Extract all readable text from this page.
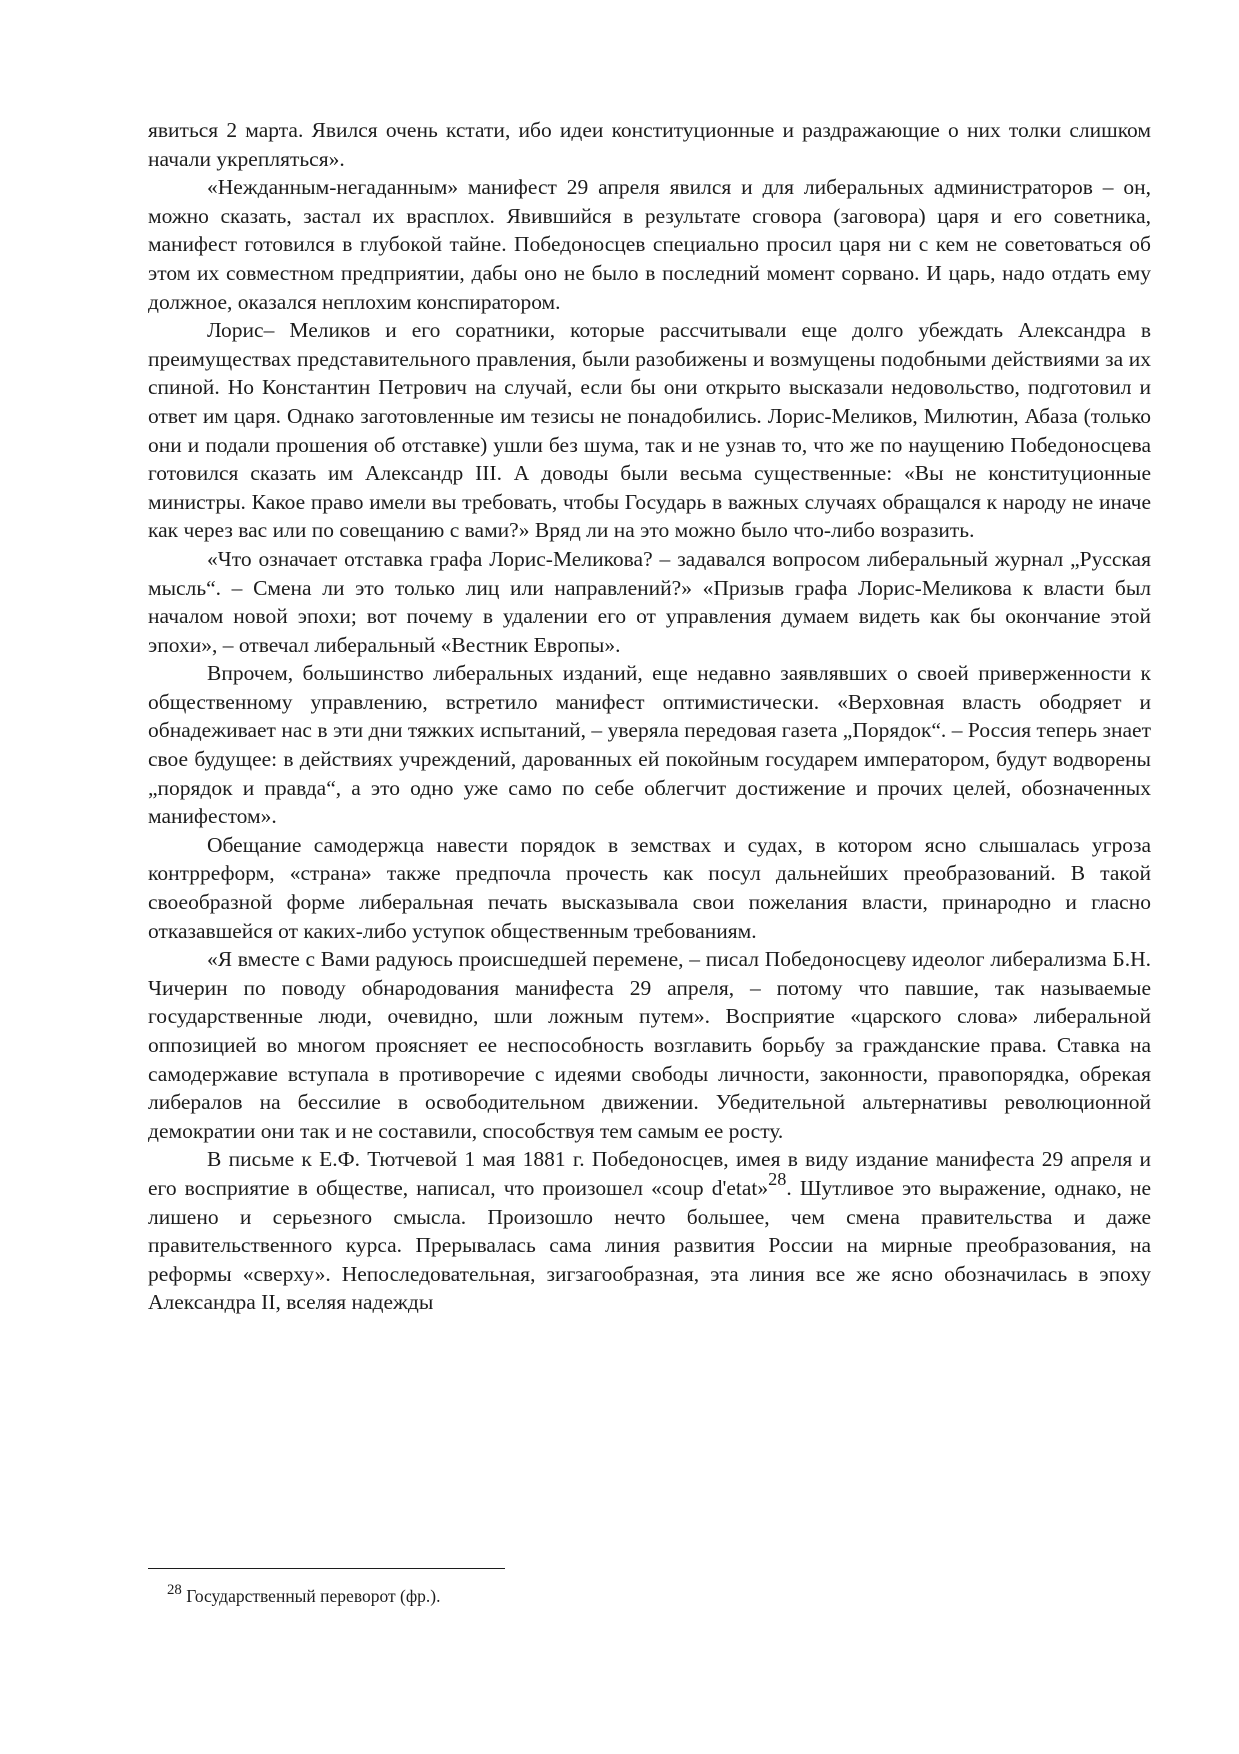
явиться 2 марта. Явился очень кстати, ибо идеи конституционные и раздражающие о них толки слишком начали укрепляться».

«Нежданным-негаданным» манифест 29 апреля явился и для либеральных администраторов – он, можно сказать, застал их врасплох. Явившийся в результате сговора (заговора) царя и его советника, манифест готовился в глубокой тайне. Победоносцев специально просил царя ни с кем не советоваться об этом их совместном предприятии, дабы оно не было в последний момент сорвано. И царь, надо отдать ему должное, оказался неплохим конспиратором.

Лорис– Меликов и его соратники, которые рассчитывали еще долго убеждать Александра в преимуществах представительного правления, были разобижены и возмущены подобными действиями за их спиной. Но Константин Петрович на случай, если бы они открыто высказали недовольство, подготовил и ответ им царя. Однако заготовленные им тезисы не понадобились. Лорис-Меликов, Милютин, Абаза (только они и подали прошения об отставке) ушли без шума, так и не узнав то, что же по наущению Победоносцева готовился сказать им Александр III. А доводы были весьма существенные: «Вы не конституционные министры. Какое право имели вы требовать, чтобы Государь в важных случаях обращался к народу не иначе как через вас или по совещанию с вами?» Вряд ли на это можно было что-либо возразить.

«Что означает отставка графа Лорис-Меликова? – задавался вопросом либеральный журнал „Русская мысль“. – Смена ли это только лиц или направлений?» «Призыв графа Лорис-Меликова к власти был началом новой эпохи; вот почему в удалении его от управления думаем видеть как бы окончание этой эпохи», – отвечал либеральный «Вестник Европы».

Впрочем, большинство либеральных изданий, еще недавно заявлявших о своей приверженности к общественному управлению, встретило манифест оптимистически. «Верховная власть ободряет и обнадеживает нас в эти дни тяжких испытаний, – уверяла передовая газета „Порядок“. – Россия теперь знает свое будущее: в действиях учреждений, дарованных ей покойным государем императором, будут водворены „порядок и правда“, а это одно уже само по себе облегчит достижение и прочих целей, обозначенных манифестом».

Обещание самодержца навести порядок в земствах и судах, в котором ясно слышалась угроза контрреформ, «страна» также предпочла прочесть как посул дальнейших преобразований. В такой своеобразной форме либеральная печать высказывала свои пожелания власти, принародно и гласно отказавшейся от каких-либо уступок общественным требованиям.

«Я вместе с Вами радуюсь происшедшей перемене, – писал Победоносцеву идеолог либерализма Б.Н. Чичерин по поводу обнародования манифеста 29 апреля, – потому что павшие, так называемые государственные люди, очевидно, шли ложным путем». Восприятие «царского слова» либеральной оппозицией во многом проясняет ее неспособность возглавить борьбу за гражданские права. Ставка на самодержавие вступала в противоречие с идеями свободы личности, законности, правопорядка, обрекая либералов на бессилие в освободительном движении. Убедительной альтернативы революционной демократии они так и не составили, способствуя тем самым ее росту.

В письме к Е.Ф. Тютчевой 1 мая 1881 г. Победоносцев, имея в виду издание манифеста 29 апреля и его восприятие в обществе, написал, что произошел «coup d'etat»$^{28}$. Шутливое это выражение, однако, не лишено и серьезного смысла. Произошло нечто большее, чем смена правительства и даже правительственного курса. Прерывалась сама линия развития России на мирные преобразования, на реформы «сверху». Непоследовательная, зигзагообразная, эта линия все же ясно обозначилась в эпоху Александра II, вселяя надежды

$^{28}$ Государственный переворот (фр.).
